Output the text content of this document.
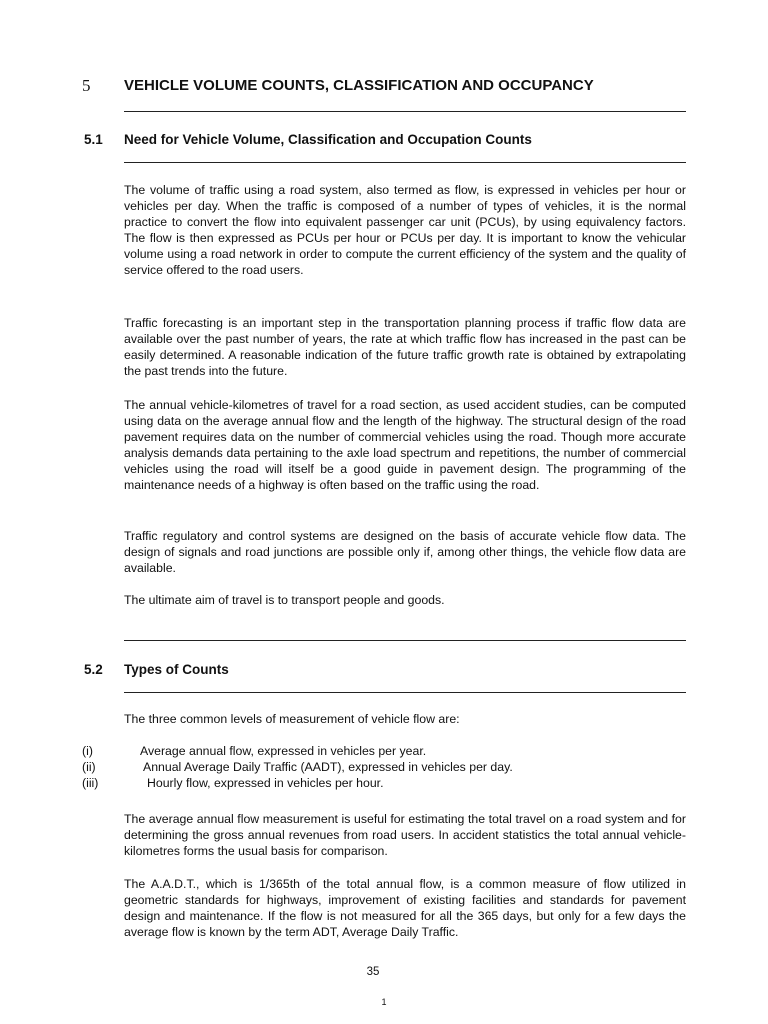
5 VEHICLE VOLUME COUNTS, CLASSIFICATION AND OCCUPANCY
5.1 Need for Vehicle Volume, Classification and Occupation Counts

The volume of traffic using a road system, also termed as flow, is expressed in vehicles per hour or vehicles per day. When the traffic is composed of a number of types of vehicles, it is the normal practice to convert the flow into equivalent passenger car unit (PCUs), by using equivalency factors. The flow is then expressed as PCUs per hour or PCUs per day. It is important to know the vehicular volume using a road network in order to compute the current efficiency of the system and the quality of service offered to the road users.

Traffic forecasting is an important step in the transportation planning process if traffic flow data are available over the past number of years, the rate at which traffic flow has increased in the past can be easily determined. A reasonable indication of the future traffic growth rate is obtained by extrapolating the past trends into the future.

The annual vehicle-kilometres of travel for a road section, as used accident studies, can be computed using data on the average annual flow and the length of the highway. The structural design of the road pavement requires data on the number of commercial vehicles using the road. Though more accurate analysis demands data pertaining to the axle load spectrum and repetitions, the number of commercial vehicles using the road will itself be a good guide in pavement design. The programming of the maintenance needs of a highway is often based on the traffic using the road.

Traffic regulatory and control systems are designed on the basis of accurate vehicle flow data. The design of signals and road junctions are possible only if, among other things, the vehicle flow data are available.

The ultimate aim of travel is to transport people and goods.

5.2 Types of Counts

The three common levels of measurement of vehicle flow are:

(i)	Average annual flow, expressed in vehicles per year.
(ii)	Annual Average Daily Traffic (AADT), expressed in vehicles per day.
(iii)	Hourly flow, expressed in vehicles per hour.

The average annual flow measurement is useful for estimating the total travel on a road system and for determining the gross annual revenues from road users. In accident statistics the total annual vehicle-kilometres forms the usual basis for comparison.

The A.A.D.T., which is 1/365th of the total annual flow, is a common measure of flow utilized in geometric standards for highways, improvement of existing facilities and standards for pavement design and maintenance. If the flow is not measured for all the 365 days, but only for a few days the average flow is known by the term ADT, Average Daily Traffic.

35
1
